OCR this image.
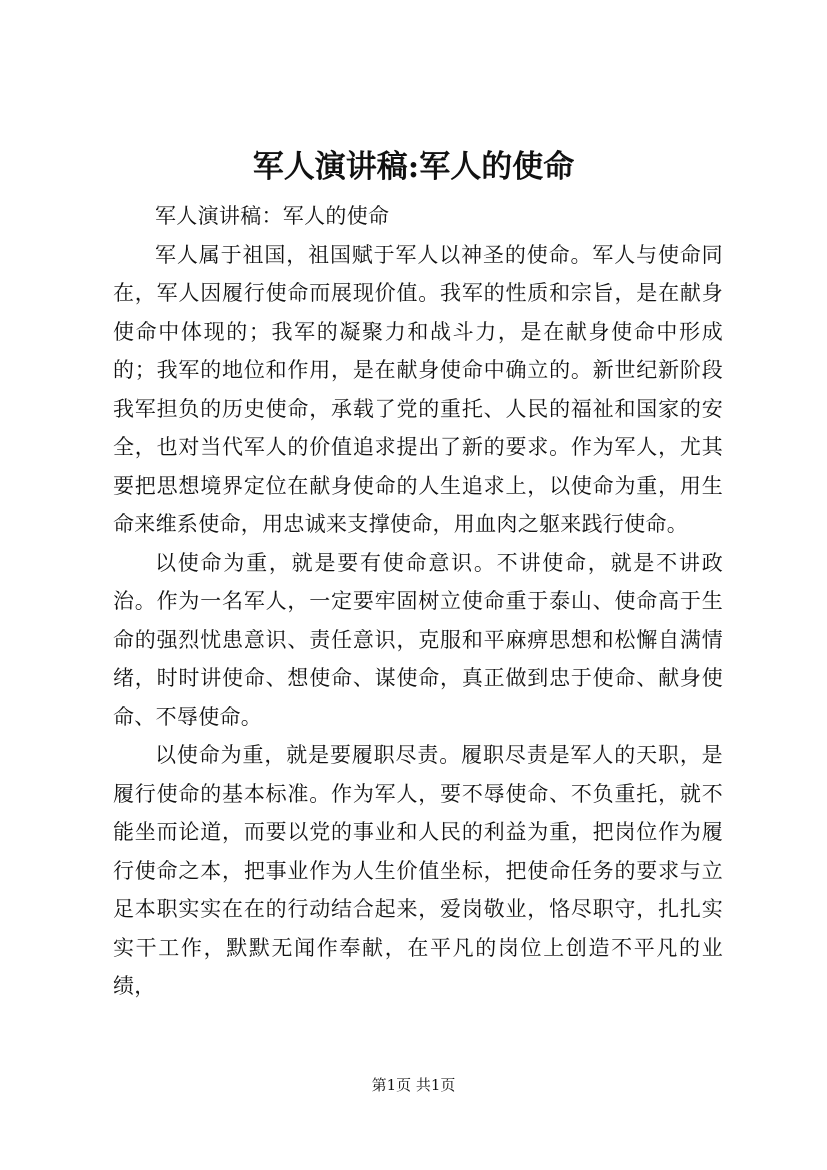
军人演讲稿:军人的使命

军人演讲稿：军人的使命

军人属于祖国，祖国赋于军人以神圣的使命。军人与使命同在，军人因履行使命而展现价值。我军的性质和宗旨，是在献身使命中体现的；我军的凝聚力和战斗力，是在献身使命中形成的；我军的地位和作用，是在献身使命中确立的。新世纪新阶段我军担负的历史使命，承载了党的重托、人民的福祉和国家的安全，也对当代军人的价值追求提出了新的要求。作为军人，尤其要把思想境界定位在献身使命的人生追求上，以使命为重，用生命来维系使命，用忠诚来支撑使命，用血肉之躯来践行使命。

以使命为重，就是要有使命意识。不讲使命，就是不讲政治。作为一名军人，一定要牢固树立使命重于泰山、使命高于生命的强烈忧患意识、责任意识，克服和平麻痹思想和松懈自满情绪，时时讲使命、想使命、谋使命，真正做到忠于使命、献身使命、不辱使命。

以使命为重，就是要履职尽责。履职尽责是军人的天职，是履行使命的基本标准。作为军人，要不辱使命、不负重托，就不能坐而论道，而要以党的事业和人民的利益为重，把岗位作为履行使命之本，把事业作为人生价值坐标，把使命任务的要求与立足本职实实在在的行动结合起来，爱岗敬业，恪尽职守，扎扎实实干工作，默默无闻作奉献，在平凡的岗位上创造不平凡的业绩，

第1页 共1页
